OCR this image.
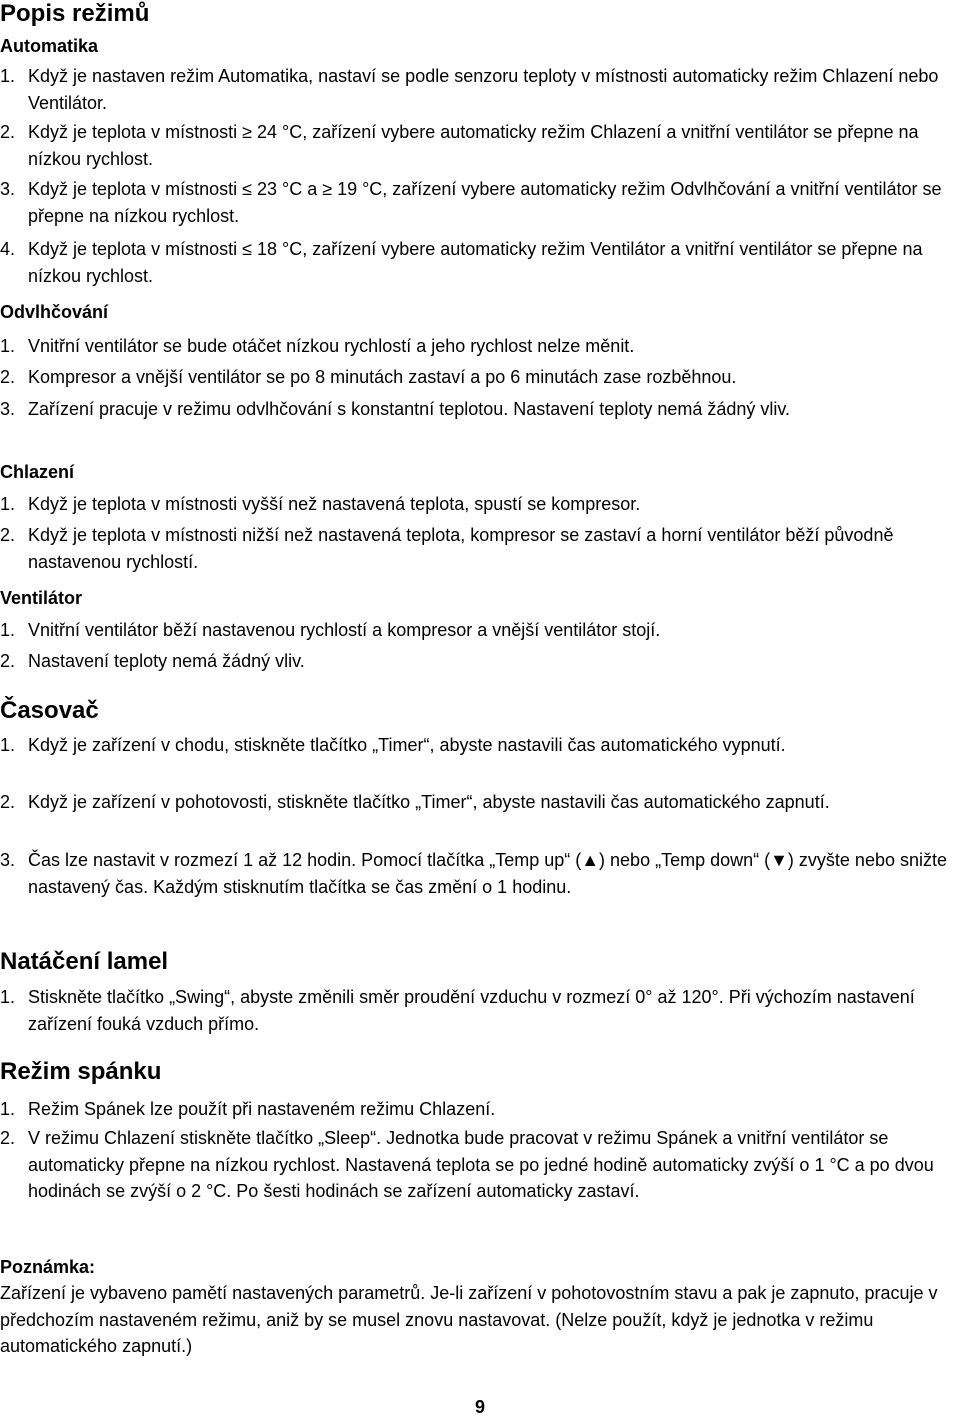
Popis režimů
Automatika
1. Když je nastaven režim Automatika, nastaví se podle senzoru teploty v místnosti automaticky režim Chlazení nebo Ventilátor.
2. Když je teplota v místnosti ≥ 24 °C, zařízení vybere automaticky režim Chlazení a vnitřní ventilátor se přepne na nízkou rychlost.
3. Když je teplota v místnosti ≤ 23 °C a ≥ 19 °C, zařízení vybere automaticky režim Odvlhčování a vnitřní ventilátor se přepne na nízkou rychlost.
4. Když je teplota v místnosti ≤ 18 °C, zařízení vybere automaticky režim Ventilátor a vnitřní ventilátor se přepne na nízkou rychlost.
Odvlhčování
1. Vnitřní ventilátor se bude otáčet nízkou rychlostí a jeho rychlost nelze měnit.
2. Kompresor a vnější ventilátor se po 8 minutách zastaví a po 6 minutách zase rozběhnou.
3. Zařízení pracuje v režimu odvlhčování s konstantní teplotou. Nastavení teploty nemá žádný vliv.
Chlazení
1. Když je teplota v místnosti vyšší než nastavená teplota, spustí se kompresor.
2. Když je teplota v místnosti nižší než nastavená teplota, kompresor se zastaví a horní ventilátor běží původně nastavenou rychlostí.
Ventilátor
1. Vnitřní ventilátor běží nastavenou rychlostí a kompresor a vnější ventilátor stojí.
2. Nastavení teploty nemá žádný vliv.
Časovač
1. Když je zařízení v chodu, stiskněte tlačítko „Timer“, abyste nastavili čas automatického vypnutí.
2. Když je zařízení v pohotovosti, stiskněte tlačítko „Timer“, abyste nastavili čas automatického zapnutí.
3. Čas lze nastavit v rozmezí 1 až 12 hodin. Pomocí tlačítka „Temp up“ (▲) nebo „Temp down“ (▼) zvyšte nebo snižte nastavený čas. Každým stisknutím tlačítka se čas změní o 1 hodinu.
Natáčení lamel
1. Stiskněte tlačítko „Swing“, abyste změnili směr proudění vzduchu v rozmezí 0° až 120°. Při výchozím nastavení zařízení fouká vzduch přímo.
Režim spánku
1. Režim Spánek lze použít při nastaveném režimu Chlazení.
2. V režimu Chlazení stiskněte tlačítko „Sleep“. Jednotka bude pracovat v režimu Spánek a vnitřní ventilátor se automaticky přepne na nízkou rychlost. Nastavená teplota se po jedné hodině automaticky zvýší o 1 °C a po dvou hodinách se zvýší o 2 °C. Po šesti hodinách se zařízení automaticky zastaví.
Poznámka:
Zařízení je vybaveno pamětí nastavených parametrů. Je-li zařízení v pohotovostním stavu a pak je zapnuto, pracuje v předchozím nastaveném režimu, aniž by se musel znovu nastavovat. (Nelze použít, když je jednotka v režimu automatického zapnutí.)
9
